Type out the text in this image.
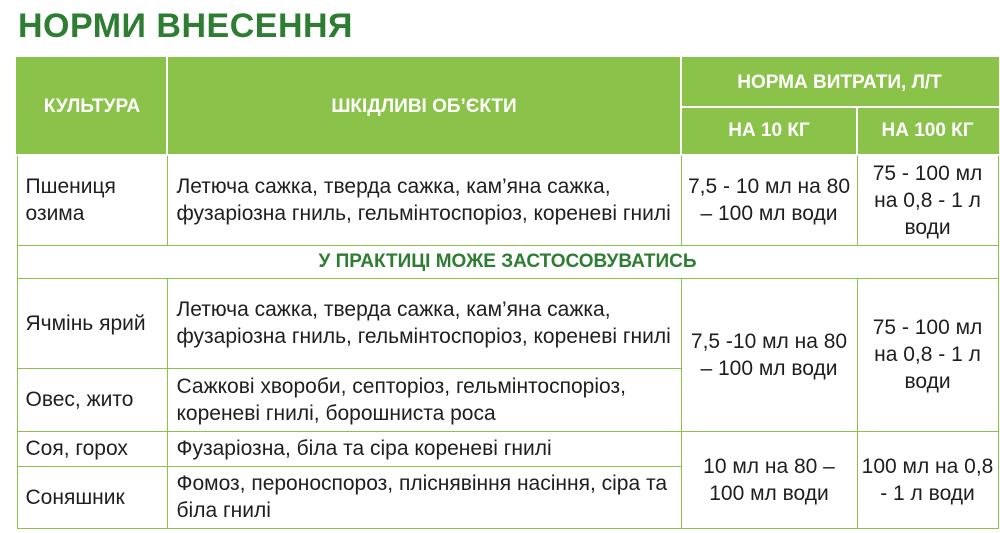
НОРМИ ВНЕСЕННЯ
КУЛЬТУРА	ШКІДЛИВІ ОБ’ЄКТИ	НОРМА ВИТРАТИ, Л/Т	
		НА 10 КГ	НА 100 КГ
Пшениця озима	Летюча сажка, тверда сажка, кам’яна сажка, фузаріозна гниль, гельмінтоспоріоз, кореневі гнилі	7,5 - 10 мл на 80 – 100 мл води	75 - 100 мл на 0,8 - 1 л води
У ПРАКТИЦІ МОЖЕ ЗАСТОСОВУВАТИСЬ			
Ячмінь ярий	Летюча сажка, тверда сажка, кам’яна сажка, фузаріозна гниль, гельмінтоспоріоз, кореневі гнилі	7,5 -10 мл на 80 – 100 мл води	75 - 100 мл на 0,8 - 1 л води
Овес, жито	Сажкові хвороби, септоріоз, гельмінтоспоріоз, кореневі гнилі, борошниста роса		
Соя, горох	Фузаріозна, біла та сіра кореневі гнилі	10 мл на 80 – 100 мл води	100 мл на 0,8 - 1 л води
Соняшник	Фомоз, пероноспороз, пліснявіння насіння, сіра та біла гнилі		
